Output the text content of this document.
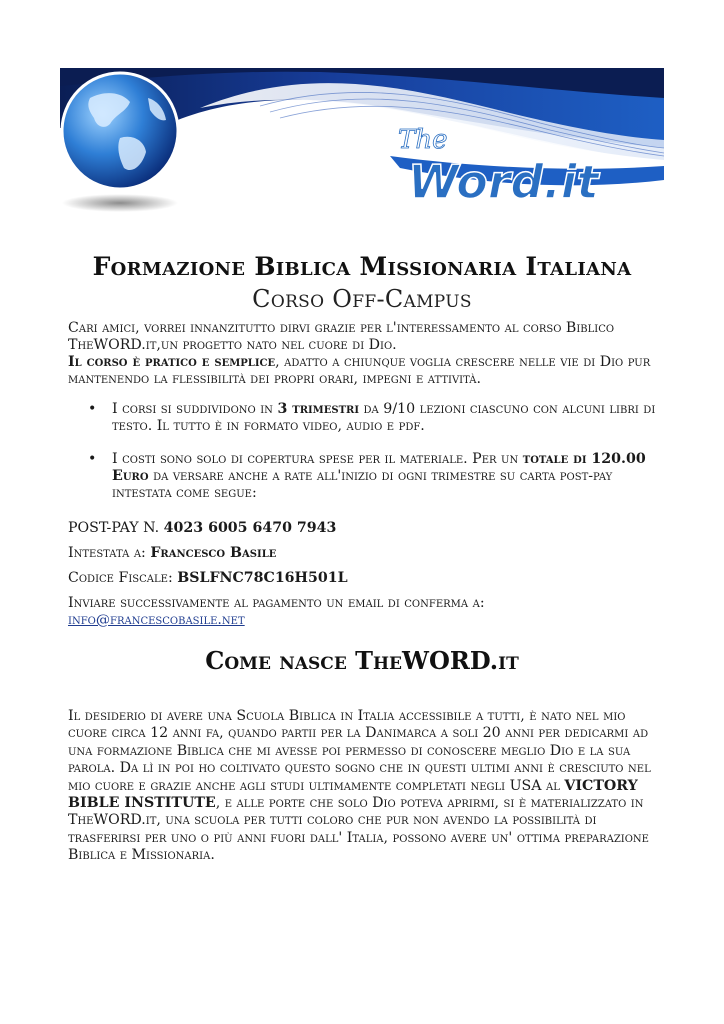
The
Word.it
Formazione Biblica Missionaria Italiana
Corso Off-Campus
Cari amici, vorrei innanzitutto dirvi grazie per l'interessamento al corso Biblico TheWORD.it,un progetto nato nel cuore di Dio.
Il corso è pratico e semplice, adatto a chiunque voglia crescere nelle vie di Dio pur mantenendo la flessibilità dei propri orari, impegni e attività.
• I corsi si suddividono in 3 trimestri da 9/10 lezioni ciascuno con alcuni libri di testo. Il tutto è in formato video, audio e pdf.
• I costi sono solo di copertura spese per il materiale. Per un totale di 120.00 Euro da versare anche a rate all'inizio di ogni trimestre su carta post-pay intestata come segue:
POST-PAY N. 4023 6005 6470 7943
Intestata a: Francesco Basile
Codice Fiscale: BSLFNC78C16H501L
Inviare successivamente al pagamento un email di conferma a:
info@francescobasile.net
Come nasce TheWORD.it
Il desiderio di avere una Scuola Biblica in Italia accessibile a tutti, è nato nel mio cuore circa 12 anni fa, quando partii per la Danimarca a soli 20 anni per dedicarmi ad una formazione Biblica che mi avesse poi permesso di conoscere meglio Dio e la sua parola. Da lì in poi ho coltivato questo sogno che in questi ultimi anni è cresciuto nel mio cuore e grazie anche agli studi ultimamente completati negli USA al VICTORY BIBLE INSTITUTE, e alle porte che solo Dio poteva aprirmi, si è materializzato in TheWORD.it, una scuola per tutti coloro che pur non avendo la possibilità di trasferirsi per uno o più anni fuori dall' Italia, possono avere un' ottima preparazione Biblica e Missionaria.
